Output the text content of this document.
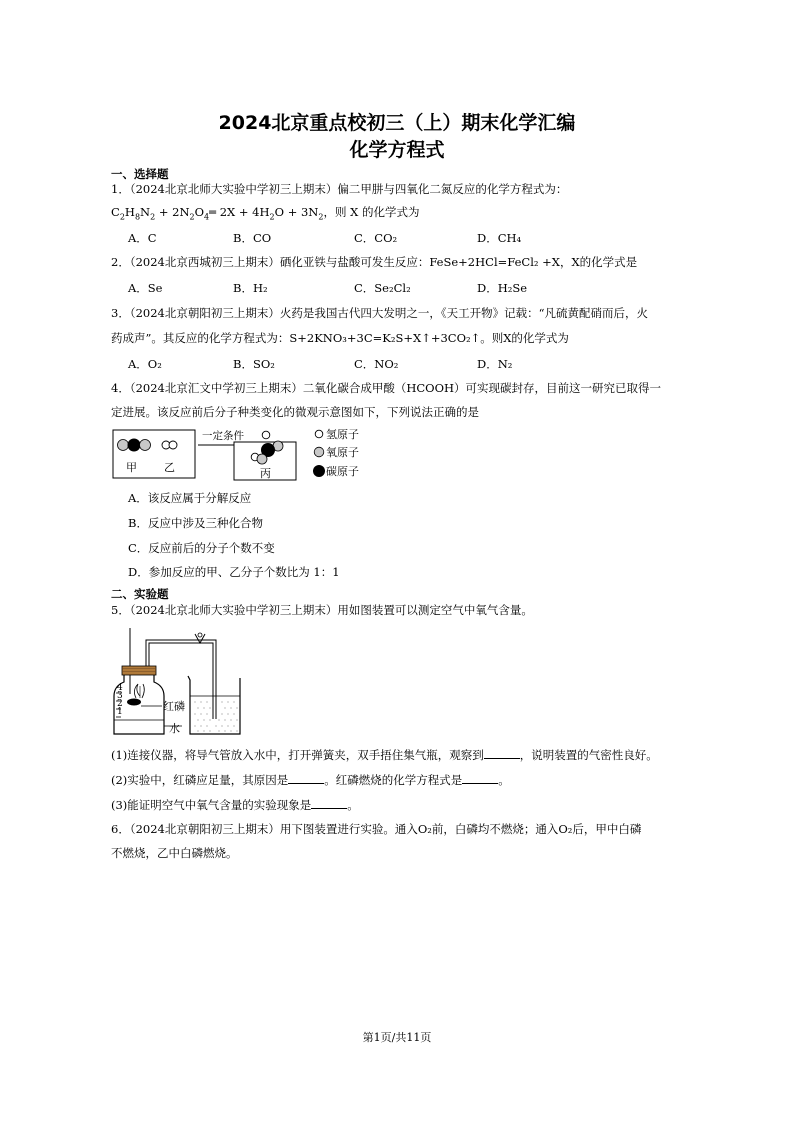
2024北京重点校初三（上）期末化学汇编
化学方程式
一、选择题
1．（2024北京北师大实验中学初三上期末）偏二甲肼与四氧化二氮反应的化学方程式为：
$C_2H_8N_2$ + $2N_2O_4═$ $2X + 4H_2O + 3N_2$，则 X 的化学式为
A．C	B．CO	C．CO₂	D．CH₄
2．（2024北京西城初三上期末）硒化亚铁与盐酸可发生反应：FeSe+2HCl=FeCl₂ +X，X的化学式是
A．Se	B．H₂	C．Se₂Cl₂	D．H₂Se
3．（2024北京朝阳初三上期末）火药是我国古代四大发明之一，《天工开物》记载：“凡硫黄配硝而后，火
药成声”。其反应的化学方程式为：S+2KNO₃+3C=K₂S+X↑+3CO₂↑。则X的化学式为
A．O₂	B．SO₂	C．NO₂	D．N₂
4．（2024北京汇文中学初三上期末）二氧化碳合成甲酸（HCOOH）可实现碳封存，目前这一研究已取得一
定进展。该反应前后分子种类变化的微观示意图如下，下列说法正确的是
甲 乙
一定条件
丙
氢原子
氧原子
碳原子
A．该反应属于分解反应
B．反应中涉及三种化合物
C．反应前后的分子个数不变
D．参加反应的甲、乙分子个数比为 1：1
二、实验题
5．（2024北京北师大实验中学初三上期末）用如图装置可以测定空气中氧气含量。
4
3
2
1	红磷
水
(1)连接仪器，将导气管放入水中，打开弹簧夹，双手捂住集气瓶，观察到	，说明装置的气密性良好。
(2)实验中，红磷应足量，其原因是	。红磷燃烧的化学方程式是	。
(3)能证明空气中氧气含量的实验现象是	。
6．（2024北京朝阳初三上期末）用下图装置进行实验。通入O₂前，白磷均不燃烧；通入O₂后，甲中白磷
不燃烧，乙中白磷燃烧。
第1页/共11页
